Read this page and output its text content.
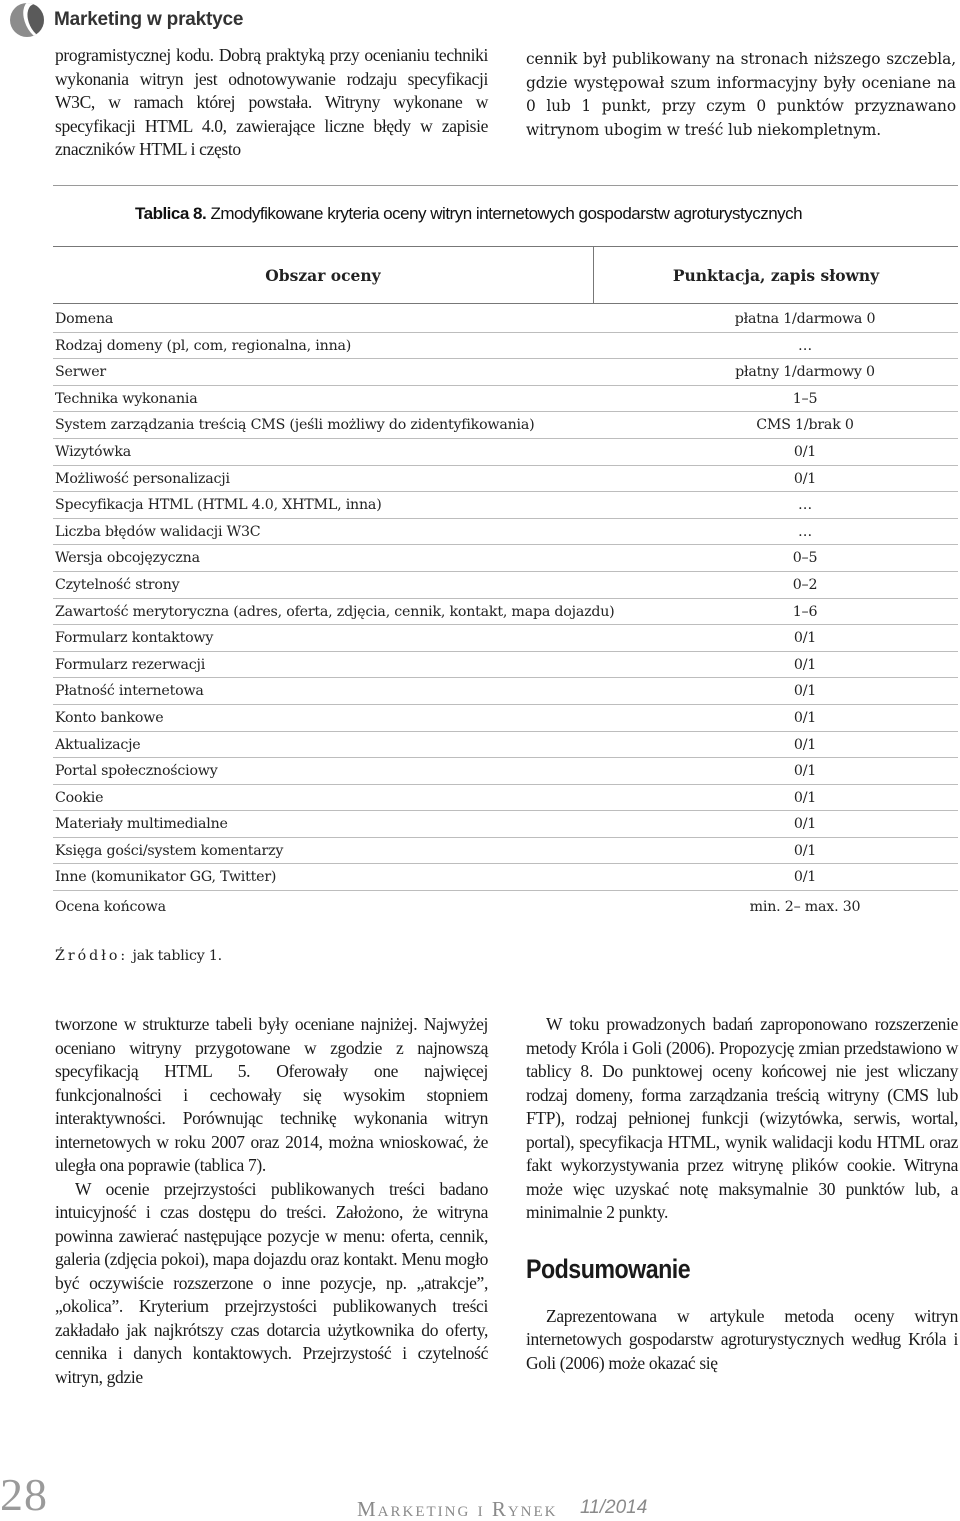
Marketing w praktyce
programistycznej kodu. Dobrą praktyką przy ocenianiu techniki wykonania witryn jest odnotowywanie rodzaju specyfikacji W3C, w ramach której powstała. Witryny wykonane w specyfikacji HTML 4.0, zawierające liczne błędy w zapisie znaczników HTML i często
cennik był publikowany na stronach niższego szczebla, gdzie występował szum informacyjny były oceniane na 0 lub 1 punkt, przy czym 0 punktów przyznawano witrynom ubogim w treść lub niekompletnym.
Tablica 8. Zmodyfikowane kryteria oceny witryn internetowych gospodarstw agroturystycznych
Obszar oceny	Punktacja, zapis słowny
Domena	płatna 1/darmowa 0
Rodzaj domeny (pl, com, regionalna, inna)	…
Serwer	płatny 1/darmowy 0
Technika wykonania	1–5
System zarządzania treścią CMS (jeśli możliwy do zidentyfikowania)	CMS 1/brak 0
Wizytówka	0/1
Możliwość personalizacji	0/1
Specyfikacja HTML (HTML 4.0, XHTML, inna)	…
Liczba błędów walidacji W3C	…
Wersja obcojęzyczna	0–5
Czytelność strony	0–2
Zawartość merytoryczna (adres, oferta, zdjęcia, cennik, kontakt, mapa dojazdu)	1–6
Formularz kontaktowy	0/1
Formularz rezerwacji	0/1
Płatność internetowa	0/1
Konto bankowe	0/1
Aktualizacje	0/1
Portal społecznościowy	0/1
Cookie	0/1
Materiały multimedialne	0/1
Księga gości/system komentarzy	0/1
Inne (komunikator GG, Twitter)	0/1
Ocena końcowa	min. 2– max. 30
Źródło: jak tablicy 1.

tworzone w strukturze tabeli były oceniane najniżej. Najwyżej oceniano witryny przygotowane w zgodzie z najnowszą specyfikacją HTML 5. Oferowały one najwięcej funkcjonalności i cechowały się wysokim stopniem interaktywności. Porównując technikę wykonania witryn internetowych w roku 2007 oraz 2014, można wnioskować, że uległa ona poprawie (tablica 7).

W ocenie przejrzystości publikowanych treści badano intuicyjność i czas dostępu do treści. Założono, że witryna powinna zawierać następujące pozycje w menu: oferta, cennik, galeria (zdjęcia pokoi), mapa dojazdu oraz kontakt. Menu mogło być oczywiście rozszerzone o inne pozycje, np. „atrakcje”, „okolica”. Kryterium przejrzystości publikowanych treści zakładało jak najkrótszy czas dotarcia użytkownika do oferty, cennika i danych kontaktowych. Przejrzystość i czytelność witryn, gdzie

W toku prowadzonych badań zaproponowano rozszerzenie metody Króla i Goli (2006). Propozycję zmian przedstawiono w tablicy 8. Do punktowej oceny końcowej nie jest wliczany rodzaj domeny, forma zarządzania treścią witryny (CMS lub FTP), rodzaj pełnionej funkcji (wizytówka, serwis, wortal, portal), specyfikacja HTML, wynik walidacji kodu HTML oraz fakt wykorzystywania przez witrynę plików cookie. Witryna może więc uzyskać notę maksymalnie 30 punktów lub, a minimalnie 2 punkty.

Podsumowanie

Zaprezentowana w artykule metoda oceny witryn internetowych gospodarstw agroturystycznych według Króla i Goli (2006) może okazać się

28	Marketing i Rynek 11/2014
